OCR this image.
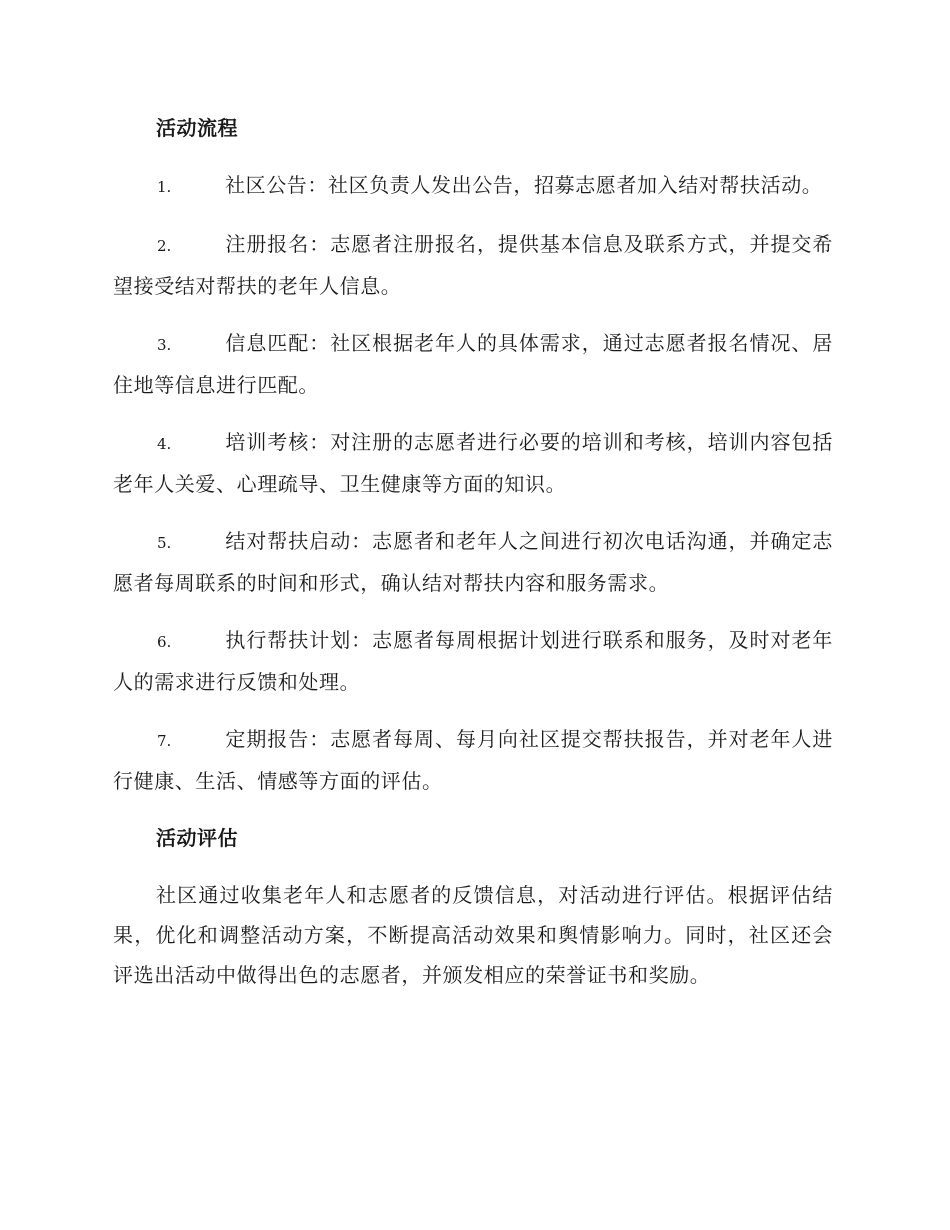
活动流程
1.	社区公告：社区负责人发出公告，招募志愿者加入结对帮扶活动。
2.	注册报名：志愿者注册报名，提供基本信息及联系方式，并提交希望接受结对帮扶的老年人信息。
3.	信息匹配：社区根据老年人的具体需求，通过志愿者报名情况、居住地等信息进行匹配。
4.	培训考核：对注册的志愿者进行必要的培训和考核，培训内容包括老年人关爱、心理疏导、卫生健康等方面的知识。
5.	结对帮扶启动：志愿者和老年人之间进行初次电话沟通，并确定志愿者每周联系的时间和形式，确认结对帮扶内容和服务需求。
6.	执行帮扶计划：志愿者每周根据计划进行联系和服务，及时对老年人的需求进行反馈和处理。
7.	定期报告：志愿者每周、每月向社区提交帮扶报告，并对老年人进行健康、生活、情感等方面的评估。
活动评估

社区通过收集老年人和志愿者的反馈信息，对活动进行评估。根据评估结果，优化和调整活动方案，不断提高活动效果和舆情影响力。同时，社区还会评选出活动中做得出色的志愿者，并颁发相应的荣誉证书和奖励。
